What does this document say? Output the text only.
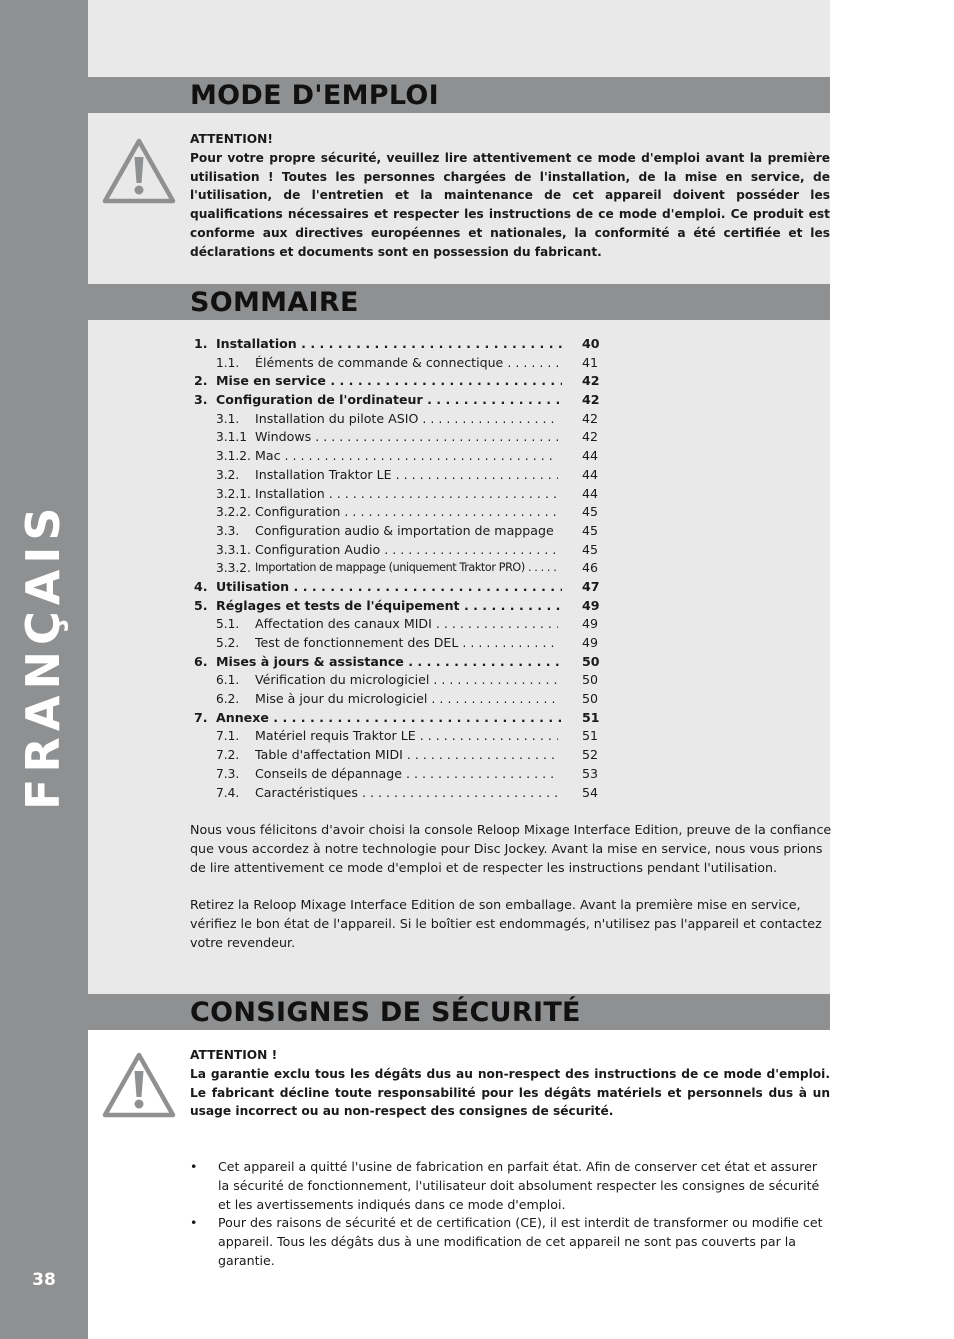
FRANÇAIS
38
MODE D'EMPLOI
ATTENTION!
Pour votre propre sécurité, veuillez lire attentivement ce mode d'emploi avant la première utilisation ! Toutes les personnes chargées de l'installation, de la mise en service, de l'utilisation, de l'entretien et la maintenance de cet appareil doivent posséder les qualifications nécessaires et respecter les instructions de ce mode d'emploi. Ce produit est conforme aux directives européennes et nationales, la conformité a été certifiée et les déclarations et documents sont en possession du fabricant.
SOMMAIRE
1. Installation . . .	40
1.1. Éléments de commande & connectique . . .	41
2. Mise en service . . .	42
3. Configuration de l'ordinateur . . .	42
3.1. Installation du pilote ASIO . . .	42
3.1.1 Windows . . .	42
3.1.2. Mac . . .	44
3.2. Installation Traktor LE . . .	44
3.2.1. Installation . . .	44
3.2.2. Configuration . . .	45
3.3. Configuration audio & importation de mappage . . .	45
3.3.1. Configuration Audio . . .	45
3.3.2. Importation de mappage (uniquement Traktor PRO) . . .	46
4. Utilisation . . .	47
5. Réglages et tests de l'équipement . . .	49
5.1. Affectation des canaux MIDI . . .	49
5.2. Test de fonctionnement des DEL . . .	49
6. Mises à jours & assistance . . .	50
6.1. Vérification du micrologiciel . . .	50
6.2. Mise à jour du micrologiciel . . .	50
7. Annexe . . .	51
7.1. Matériel requis Traktor LE . . .	51
7.2. Table d'affectation MIDI . . .	52
7.3. Conseils de dépannage . . .	53
7.4. Caractéristiques . . .	54

Nous vous félicitons d'avoir choisi la console Reloop Mixage Interface Edition, preuve de la confiance que vous accordez à notre technologie pour Disc Jockey. Avant la mise en service, nous vous prions de lire attentivement ce mode d'emploi et de respecter les instructions pendant l'utilisation.

Retirez la Reloop Mixage Interface Edition de son emballage. Avant la première mise en service, vérifiez le bon état de l'appareil. Si le boîtier est endommagés, n'utilisez pas l'appareil et contactez votre revendeur.

CONSIGNES DE SÉCURITÉ
ATTENTION !
La garantie exclu tous les dégâts dus au non-respect des instructions de ce mode d'emploi. Le fabricant décline toute responsabilité pour les dégâts matériels et personnels dus à un usage incorrect ou au non-respect des consignes de sécurité.
• Cet appareil a quitté l'usine de fabrication en parfait état. Afin de conserver cet état et assurer la sécurité de fonctionnement, l'utilisateur doit absolument respecter les consignes de sécurité et les avertissements indiqués dans ce mode d'emploi.
• Pour des raisons de sécurité et de certification (CE), il est interdit de transformer ou modifie cet appareil. Tous les dégâts dus à une modification de cet appareil ne sont pas couverts par la garantie.
